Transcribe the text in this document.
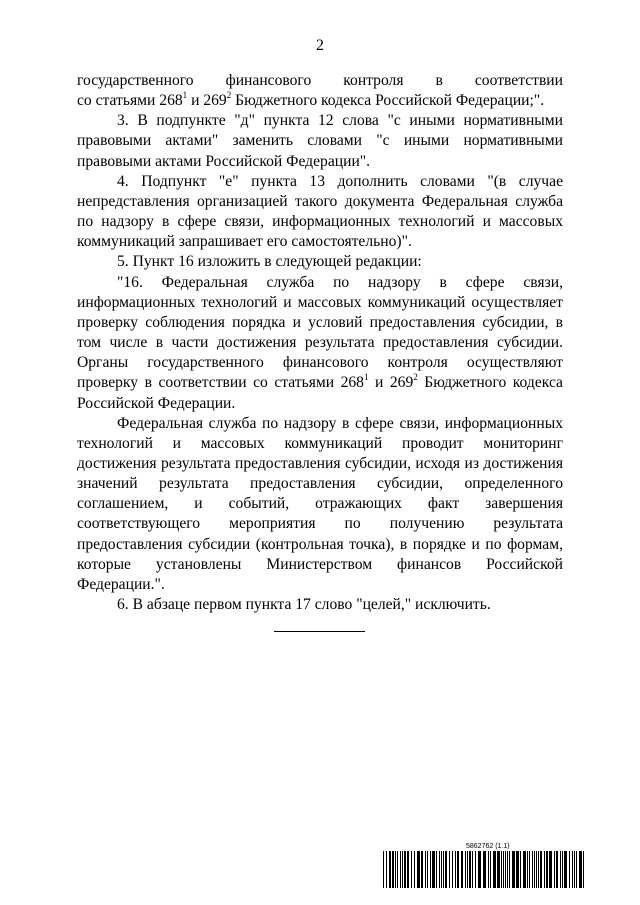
2

государственного финансового контроля в соответствии
со статьями $268^1$ и $269^2$ Бюджетного кодекса Российской Федерации;".

3. В подпункте "д" пункта 12 слова "с иными нормативными правовыми актами" заменить словами "с иными нормативными правовыми актами Российской Федерации".

4. Подпункт "е" пункта 13 дополнить словами "(в случае непредставления организацией такого документа Федеральная служба по надзору в сфере связи, информационных технологий и массовых коммуникаций запрашивает его самостоятельно)".

5. Пункт 16 изложить в следующей редакции:

"16. Федеральная служба по надзору в сфере связи, информационных технологий и массовых коммуникаций осуществляет проверку соблюдения порядка и условий предоставления субсидии, в том числе в части достижения результата предоставления субсидии. Органы государственного финансового контроля осуществляют проверку в соответствии со статьями $268^1$ и $269^2$ Бюджетного кодекса Российской Федерации.

Федеральная служба по надзору в сфере связи, информационных технологий и массовых коммуникаций проводит мониторинг достижения результата предоставления субсидии, исходя из достижения значений результата предоставления субсидии, определенного соглашением, и событий, отражающих факт завершения соответствующего мероприятия по получению результата предоставления субсидии (контрольная точка), в порядке и по формам, которые установлены Министерством финансов Российской Федерации.".

6. В абзаце первом пункта 17 слово "целей," исключить.

5862762 (1.1)
